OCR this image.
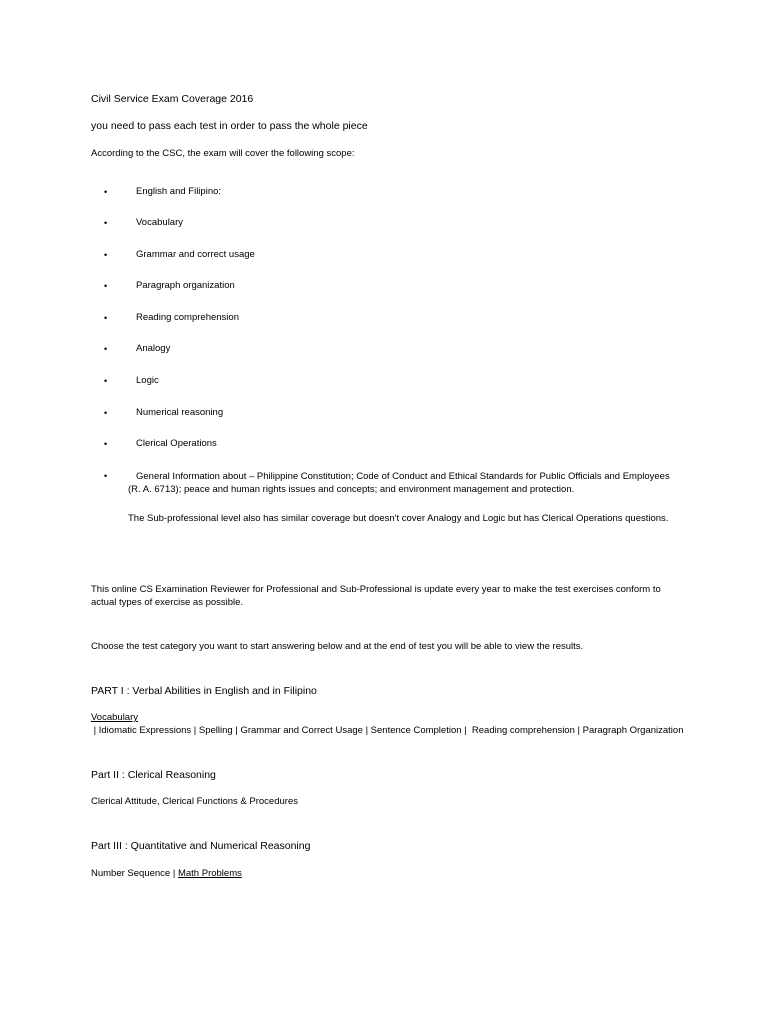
Civil Service Exam Coverage 2016
you need to pass each test in order to pass the whole piece
According to the CSC, the exam will cover the following scope:
•	English and Filipino:
•	Vocabulary
•	Grammar and correct usage
•	Paragraph organization
•	Reading comprehension
•	Analogy
•	Logic
•	Numerical reasoning
•	Clerical Operations
•	General Information about – Philippine Constitution; Code of Conduct and Ethical Standards for Public Officials and Employees (R. A. 6713); peace and human rights issues and concepts; and environment management and protection.
The Sub-professional level also has similar coverage but doesn't cover Analogy and Logic but has Clerical Operations questions.
This online CS Examination Reviewer for Professional and Sub-Professional is update every year to make the test exercises conform to actual types of exercise as possible.
Choose the test category you want to start answering below and at the end of test you will be able to view the results.
PART I : Verbal Abilities in English and in Filipino
Vocabulary | Idiomatic Expressions | Spelling | Grammar and Correct Usage | Sentence Completion |  Reading comprehension | Paragraph Organization
Part II : Clerical Reasoning
Clerical Attitude, Clerical Functions & Procedures
Part III : Quantitative and Numerical Reasoning
Number Sequence | Math Problems
